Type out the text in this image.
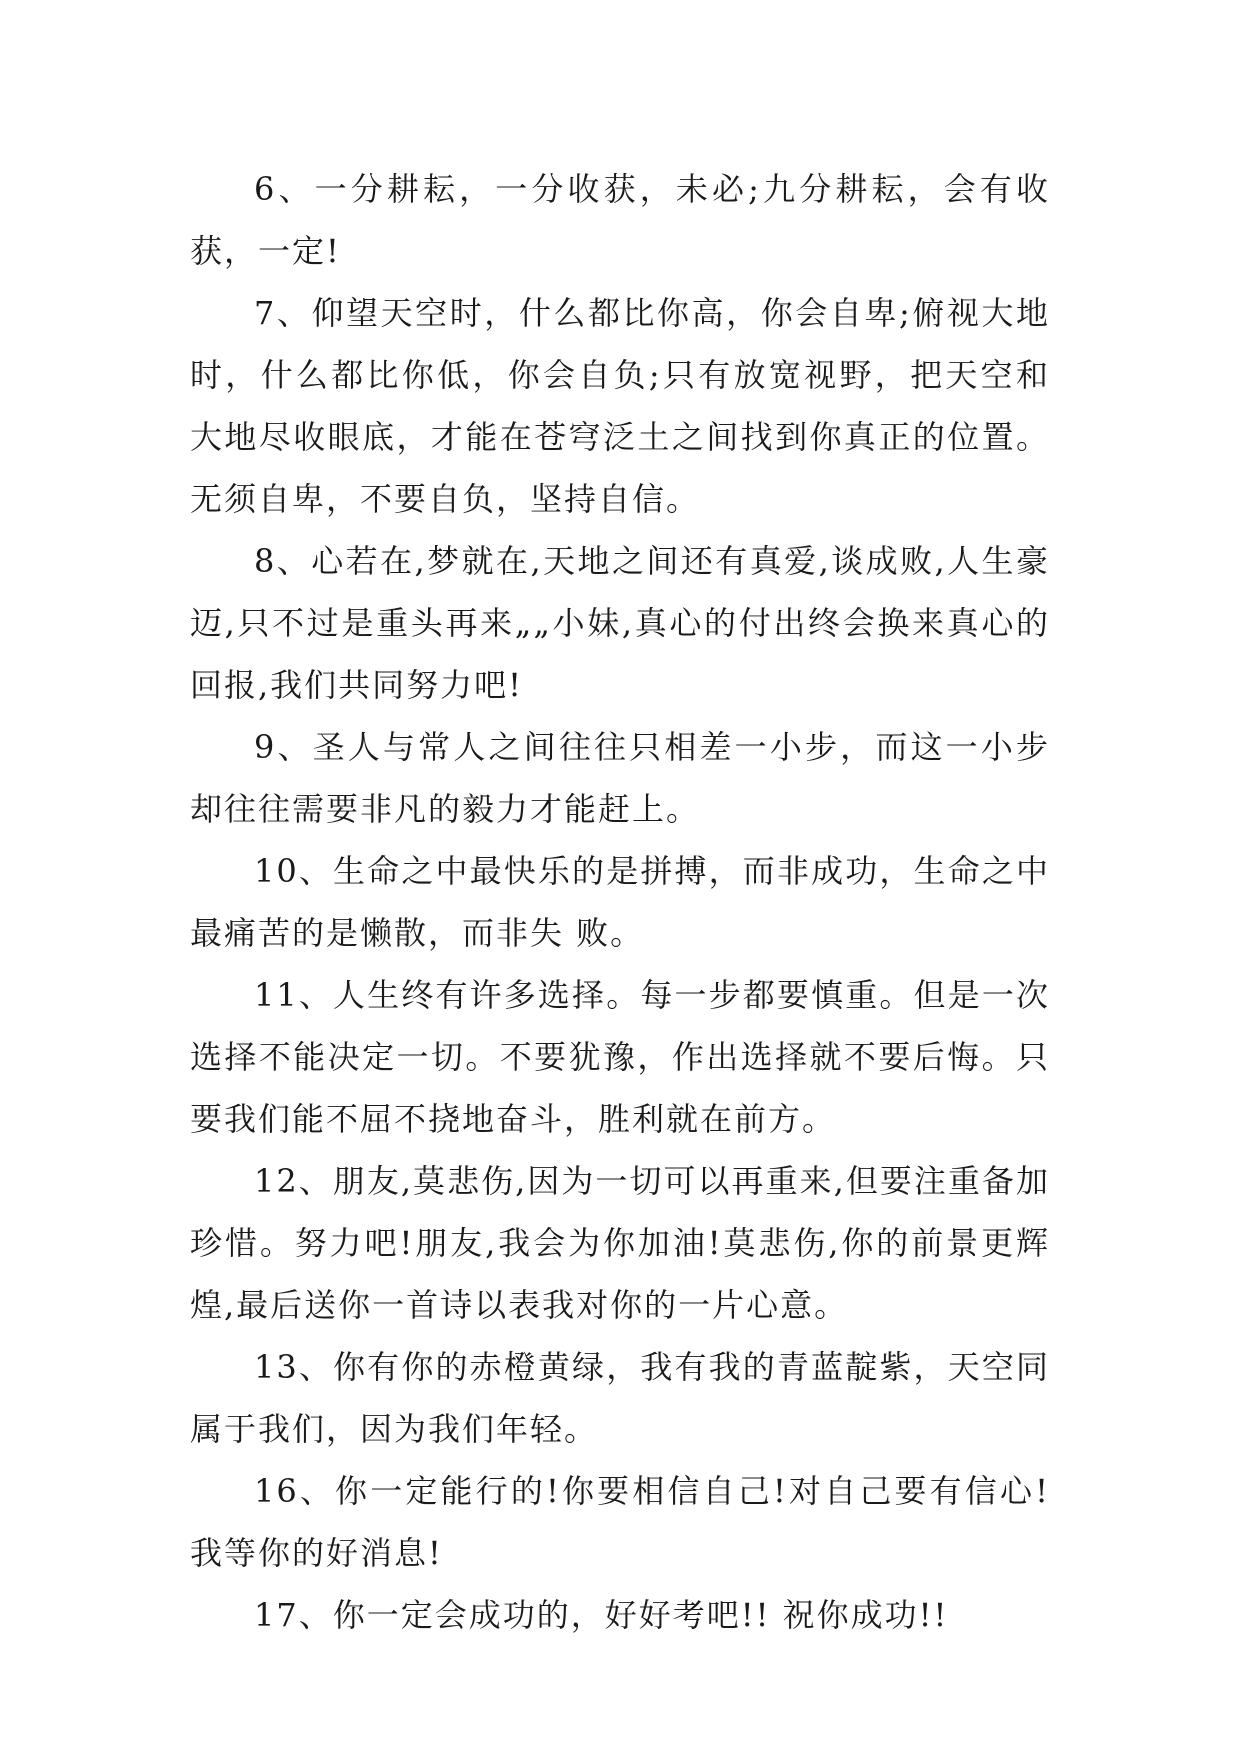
6、一分耕耘，一分收获，未必;九分耕耘，会有收获，一定!

7、仰望天空时，什么都比你高，你会自卑;俯视大地时，什么都比你低，你会自负;只有放宽视野，把天空和大地尽收眼底，才能在苍穹泛土之间找到你真正的位置。无须自卑，不要自负，坚持自信。

8、心若在,梦就在,天地之间还有真爱,谈成败,人生豪迈,只不过是重头再来„„小妹,真心的付出终会换来真心的回报,我们共同努力吧!

9、圣人与常人之间往往只相差一小步，而这一小步却往往需要非凡的毅力才能赶上。

10、生命之中最快乐的是拼搏，而非成功，生命之中最痛苦的是懒散，而非失 败。

11、人生终有许多选择。每一步都要慎重。但是一次选择不能决定一切。不要犹豫，作出选择就不要后悔。只要我们能不屈不挠地奋斗，胜利就在前方。

12、朋友,莫悲伤,因为一切可以再重来,但要注重备加珍惜。努力吧!朋友,我会为你加油!莫悲伤,你的前景更辉煌,最后送你一首诗以表我对你的一片心意。

13、你有你的赤橙黄绿，我有我的青蓝靛紫，天空同属于我们，因为我们年轻。

16、你一定能行的!你要相信自己!对自己要有信心!我等你的好消息!

17、你一定会成功的，好好考吧!! 祝你成功!!
